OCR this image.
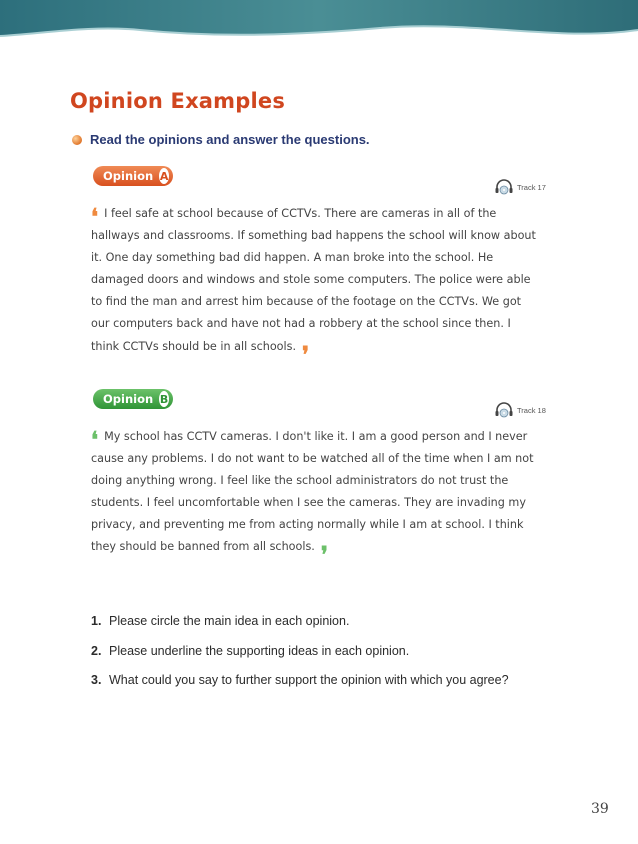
Opinion Examples
Read the opinions and answer the questions.
Opinion A
Track 17

❛ I feel safe at school because of CCTVs. There are cameras in all of the hallways and classrooms. If something bad happens the school will know about it. One day something bad did happen. A man broke into the school. He damaged doors and windows and stole some computers. The police were able to find the man and arrest him because of the footage on the CCTVs. We got our computers back and have not had a robbery at the school since then. I think CCTVs should be in all schools. ❜

Opinion B
Track 18

❛ My school has CCTV cameras. I don't like it. I am a good person and I never cause any problems. I do not want to be watched all of the time when I am not doing anything wrong. I feel like the school administrators do not trust the students. I feel uncomfortable when I see the cameras. They are invading my privacy, and preventing me from acting normally while I am at school. I think they should be banned from all schools. ❜

1. Please circle the main idea in each opinion.
2. Please underline the supporting ideas in each opinion.
3. What could you say to further support the opinion with which you agree?
39
